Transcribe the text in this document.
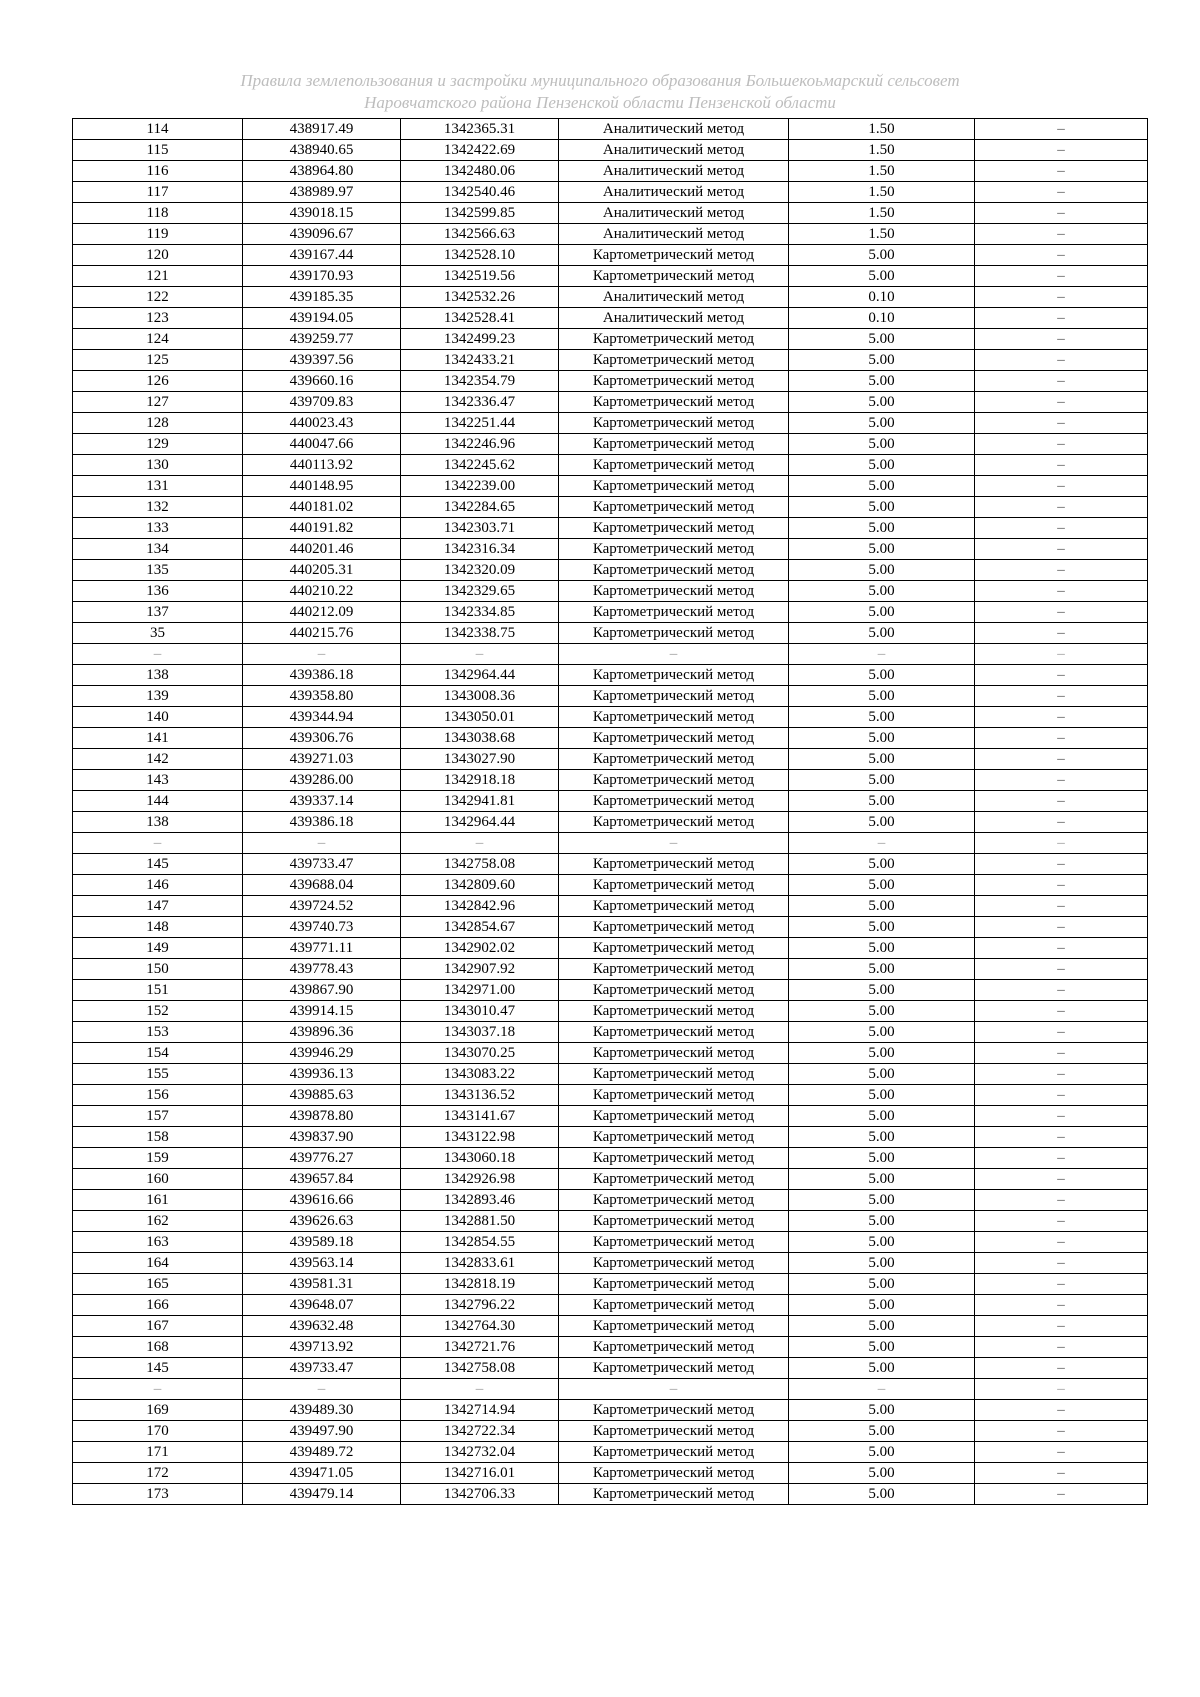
Правила землепользования и застройки муниципального образования Большекоьмарский сельсовет
Наровчатского района Пензенской области Пензенской области
114	438917.49	1342365.31	Аналитический метод	1.50	–
115	438940.65	1342422.69	Аналитический метод	1.50	–
116	438964.80	1342480.06	Аналитический метод	1.50	–
117	438989.97	1342540.46	Аналитический метод	1.50	–
118	439018.15	1342599.85	Аналитический метод	1.50	–
119	439096.67	1342566.63	Аналитический метод	1.50	–
120	439167.44	1342528.10	Картометрический метод	5.00	–
121	439170.93	1342519.56	Картометрический метод	5.00	–
122	439185.35	1342532.26	Аналитический метод	0.10	–
123	439194.05	1342528.41	Аналитический метод	0.10	–
124	439259.77	1342499.23	Картометрический метод	5.00	–
125	439397.56	1342433.21	Картометрический метод	5.00	–
126	439660.16	1342354.79	Картометрический метод	5.00	–
127	439709.83	1342336.47	Картометрический метод	5.00	–
128	440023.43	1342251.44	Картометрический метод	5.00	–
129	440047.66	1342246.96	Картометрический метод	5.00	–
130	440113.92	1342245.62	Картометрический метод	5.00	–
131	440148.95	1342239.00	Картометрический метод	5.00	–
132	440181.02	1342284.65	Картометрический метод	5.00	–
133	440191.82	1342303.71	Картометрический метод	5.00	–
134	440201.46	1342316.34	Картометрический метод	5.00	–
135	440205.31	1342320.09	Картометрический метод	5.00	–
136	440210.22	1342329.65	Картометрический метод	5.00	–
137	440212.09	1342334.85	Картометрический метод	5.00	–
35	440215.76	1342338.75	Картометрический метод	5.00	–
–	–	–	–	–	–
138	439386.18	1342964.44	Картометрический метод	5.00	–
139	439358.80	1343008.36	Картометрический метод	5.00	–
140	439344.94	1343050.01	Картометрический метод	5.00	–
141	439306.76	1343038.68	Картометрический метод	5.00	–
142	439271.03	1343027.90	Картометрический метод	5.00	–
143	439286.00	1342918.18	Картометрический метод	5.00	–
144	439337.14	1342941.81	Картометрический метод	5.00	–
138	439386.18	1342964.44	Картометрический метод	5.00	–
–	–	–	–	–	–
145	439733.47	1342758.08	Картометрический метод	5.00	–
146	439688.04	1342809.60	Картометрический метод	5.00	–
147	439724.52	1342842.96	Картометрический метод	5.00	–
148	439740.73	1342854.67	Картометрический метод	5.00	–
149	439771.11	1342902.02	Картометрический метод	5.00	–
150	439778.43	1342907.92	Картометрический метод	5.00	–
151	439867.90	1342971.00	Картометрический метод	5.00	–
152	439914.15	1343010.47	Картометрический метод	5.00	–
153	439896.36	1343037.18	Картометрический метод	5.00	–
154	439946.29	1343070.25	Картометрический метод	5.00	–
155	439936.13	1343083.22	Картометрический метод	5.00	–
156	439885.63	1343136.52	Картометрический метод	5.00	–
157	439878.80	1343141.67	Картометрический метод	5.00	–
158	439837.90	1343122.98	Картометрический метод	5.00	–
159	439776.27	1343060.18	Картометрический метод	5.00	–
160	439657.84	1342926.98	Картометрический метод	5.00	–
161	439616.66	1342893.46	Картометрический метод	5.00	–
162	439626.63	1342881.50	Картометрический метод	5.00	–
163	439589.18	1342854.55	Картометрический метод	5.00	–
164	439563.14	1342833.61	Картометрический метод	5.00	–
165	439581.31	1342818.19	Картометрический метод	5.00	–
166	439648.07	1342796.22	Картометрический метод	5.00	–
167	439632.48	1342764.30	Картометрический метод	5.00	–
168	439713.92	1342721.76	Картометрический метод	5.00	–
145	439733.47	1342758.08	Картометрический метод	5.00	–
–	–	–	–	–	–
169	439489.30	1342714.94	Картометрический метод	5.00	–
170	439497.90	1342722.34	Картометрический метод	5.00	–
171	439489.72	1342732.04	Картометрический метод	5.00	–
172	439471.05	1342716.01	Картометрический метод	5.00	–
173	439479.14	1342706.33	Картометрический метод	5.00	–
